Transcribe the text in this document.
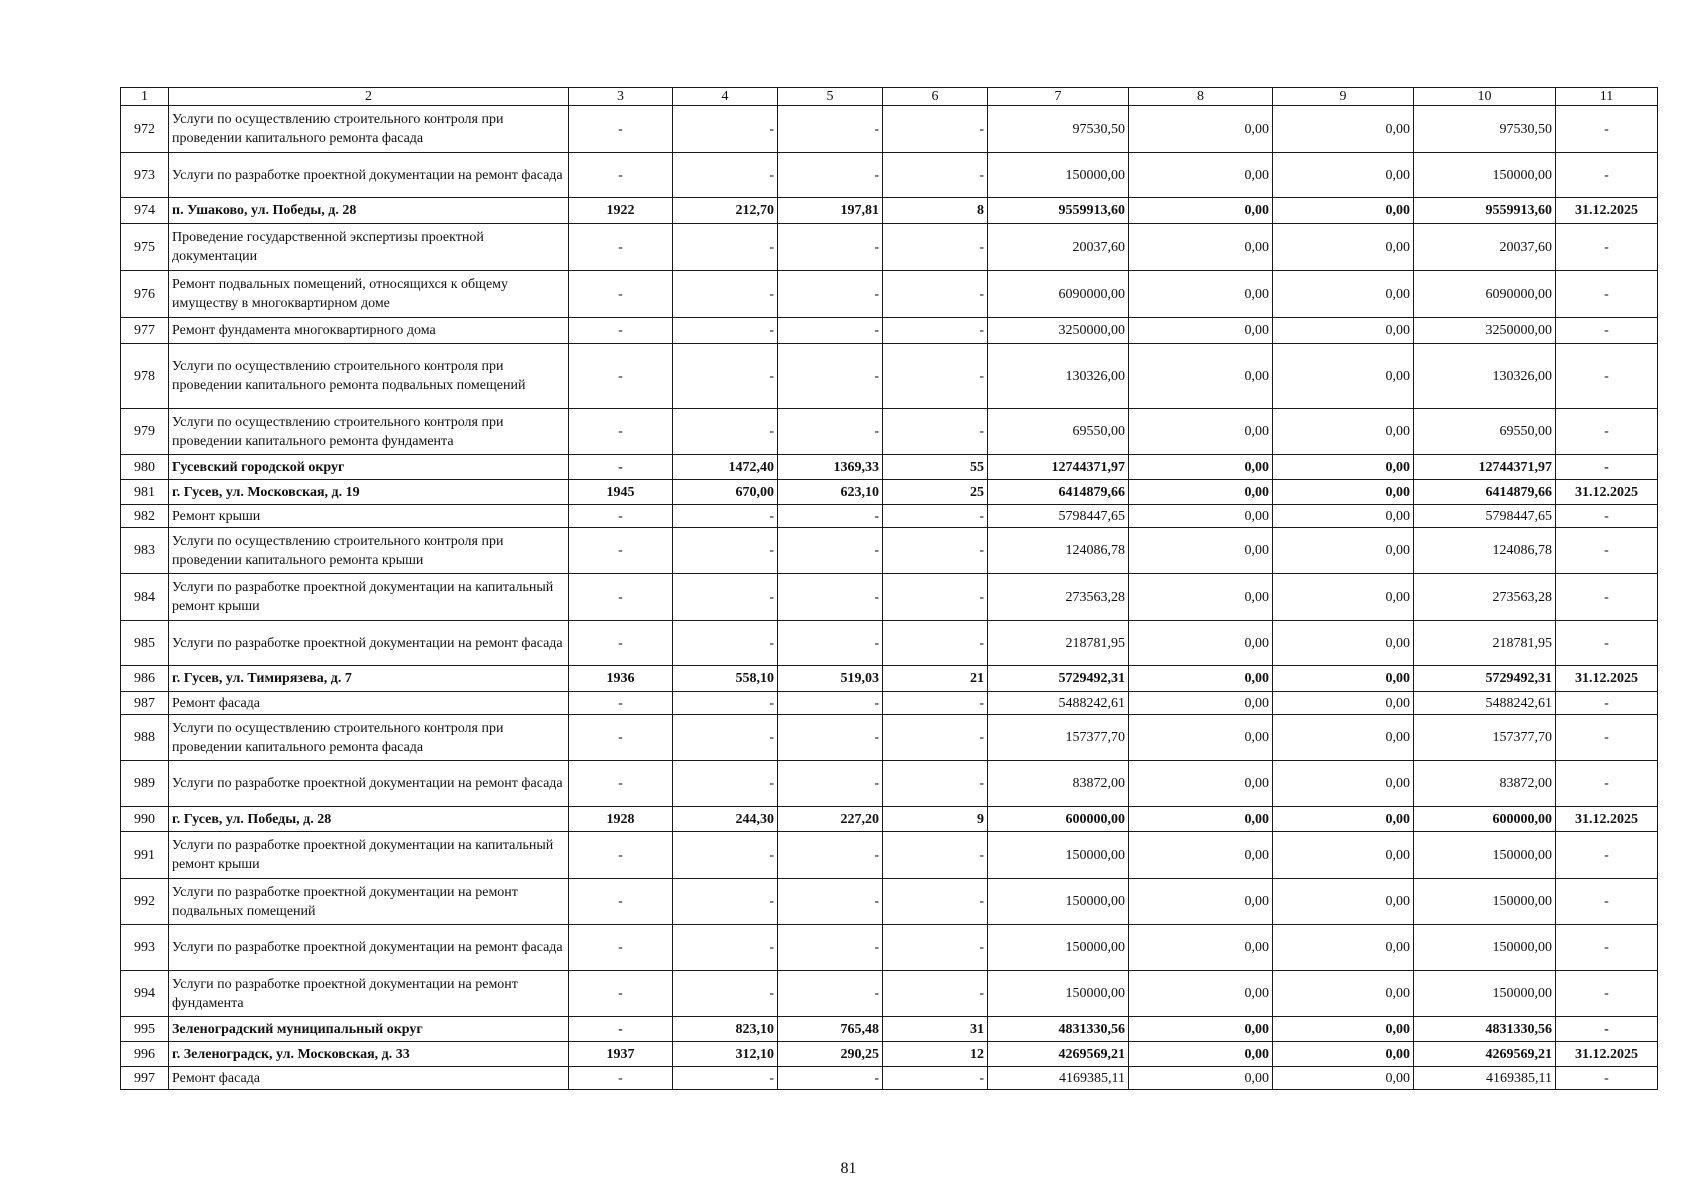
1	2	3	4	5	6	7	8	9	10	11
972	Услуги по осуществлению строительного контроля при проведении капитального ремонта фасада	-	-	-	-	97530,50	0,00	0,00	97530,50	-
973	Услуги по разработке проектной документации на ремонт фасада	-	-	-	-	150000,00	0,00	0,00	150000,00	-
974	п. Ушаково, ул. Победы, д. 28	1922	212,70	197,81	8	9559913,60	0,00	0,00	9559913,60	31.12.2025
975	Проведение государственной экспертизы проектной документации	-	-	-	-	20037,60	0,00	0,00	20037,60	-
976	Ремонт подвальных помещений, относящихся к общему имуществу в многоквартирном доме	-	-	-	-	6090000,00	0,00	0,00	6090000,00	-
977	Ремонт фундамента многоквартирного дома	-	-	-	-	3250000,00	0,00	0,00	3250000,00	-
978	Услуги по осуществлению строительного контроля при проведении капитального ремонта подвальных помещений	-	-	-	-	130326,00	0,00	0,00	130326,00	-
979	Услуги по осуществлению строительного контроля при проведении капитального ремонта фундамента	-	-	-	-	69550,00	0,00	0,00	69550,00	-
980	Гусевский городской округ	-	1472,40	1369,33	55	12744371,97	0,00	0,00	12744371,97	-
981	г. Гусев, ул. Московская, д. 19	1945	670,00	623,10	25	6414879,66	0,00	0,00	6414879,66	31.12.2025
982	Ремонт крыши	-	-	-	-	5798447,65	0,00	0,00	5798447,65	-
983	Услуги по осуществлению строительного контроля при проведении капитального ремонта крыши	-	-	-	-	124086,78	0,00	0,00	124086,78	-
984	Услуги по разработке проектной документации на капитальный ремонт крыши	-	-	-	-	273563,28	0,00	0,00	273563,28	-
985	Услуги по разработке проектной документации на ремонт фасада	-	-	-	-	218781,95	0,00	0,00	218781,95	-
986	г. Гусев, ул. Тимирязева, д. 7	1936	558,10	519,03	21	5729492,31	0,00	0,00	5729492,31	31.12.2025
987	Ремонт фасада	-	-	-	-	5488242,61	0,00	0,00	5488242,61	-
988	Услуги по осуществлению строительного контроля при проведении капитального ремонта фасада	-	-	-	-	157377,70	0,00	0,00	157377,70	-
989	Услуги по разработке проектной документации на ремонт фасада	-	-	-	-	83872,00	0,00	0,00	83872,00	-
990	г. Гусев, ул. Победы, д. 28	1928	244,30	227,20	9	600000,00	0,00	0,00	600000,00	31.12.2025
991	Услуги по разработке проектной документации на капитальный ремонт крыши	-	-	-	-	150000,00	0,00	0,00	150000,00	-
992	Услуги по разработке проектной документации на ремонт подвальных помещений	-	-	-	-	150000,00	0,00	0,00	150000,00	-
993	Услуги по разработке проектной документации на ремонт фасада	-	-	-	-	150000,00	0,00	0,00	150000,00	-
994	Услуги по разработке проектной документации на ремонт фундамента	-	-	-	-	150000,00	0,00	0,00	150000,00	-
995	Зеленоградский муниципальный округ	-	823,10	765,48	31	4831330,56	0,00	0,00	4831330,56	-
996	г. Зеленоградск, ул. Московская, д. 33	1937	312,10	290,25	12	4269569,21	0,00	0,00	4269569,21	31.12.2025
997	Ремонт фасада	-	-	-	-	4169385,11	0,00	0,00	4169385,11	-
81
